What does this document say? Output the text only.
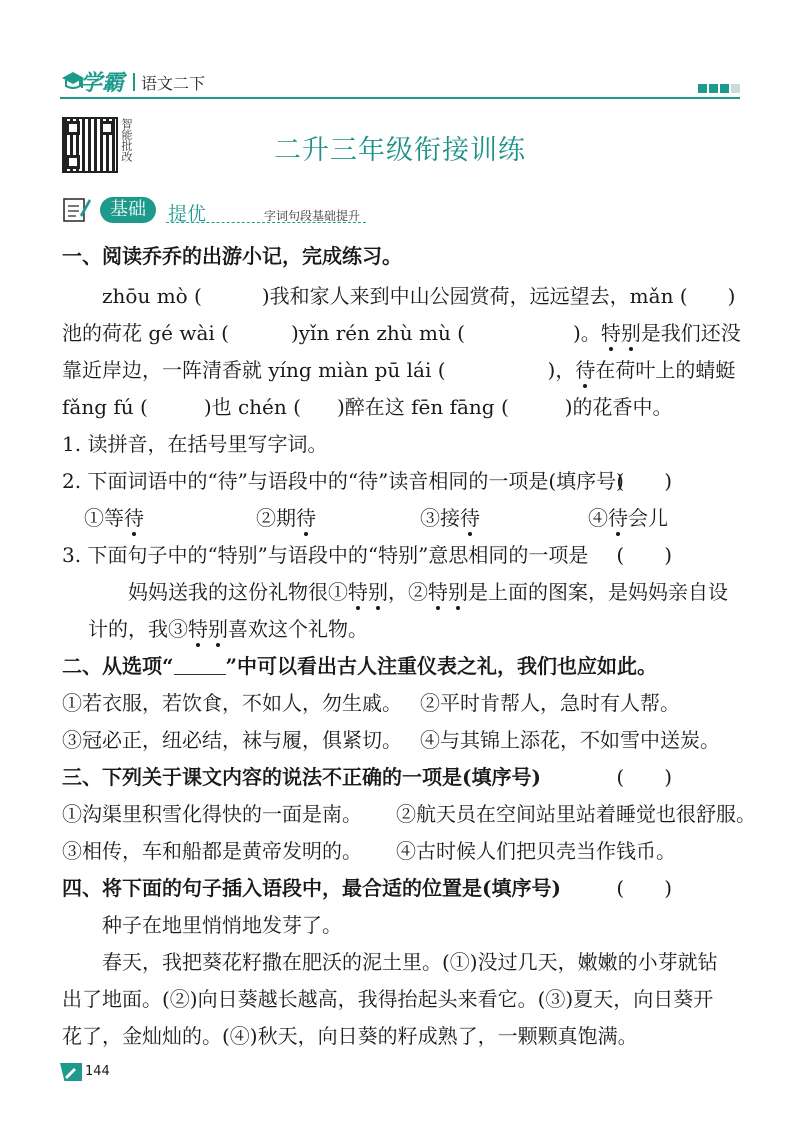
学霸 语文二下
智能批改	二升三年级衔接训练
基础	提优	字词句段基础提升
一、阅读乔乔的出游小记，完成练习。
zhōu mò (	)我和家人来到中山公园赏荷，远远望去，mǎn ( )
池的荷花 gé wài (	)yǐn rén zhù mù (	)。特别是我们还没
靠近岸边，一阵清香就 yíng miàn pū lái (	)，待在荷叶上的蜻蜓
fǎng fú (	)也 chén ( )醉在这 fēn fāng (	)的花香中。
1. 读拼音，在括号里写字词。
2. 下面词语中的“待”与语段中的“待”读音相同的一项是(填序号)
(　　)
①等待	②期待	③接待	④待会儿
3. 下面句子中的“特别”与语段中的“特别”意思相同的一项是 (　　)
妈妈送我的这份礼物很①特别，②特别是上面的图案，是妈妈亲自设
计的，我③特别喜欢这个礼物。
二、从选项“	”中可以看出古人注重仪表之礼，我们也应如此。
①若衣服，若饮食，不如人，勿生戚。 ②平时肯帮人，急时有人帮。
③冠必正，纽必结，袜与履，俱紧切。 ④与其锦上添花，不如雪中送炭。
三、下列关于课文内容的说法不正确的一项是(填序号)	(　　)
①沟渠里积雪化得快的一面是南。 ②航天员在空间站里站着睡觉也很舒服。
③相传，车和船都是黄帝发明的。 ④古时候人们把贝壳当作钱币。
四、将下面的句子插入语段中，最合适的位置是(填序号)	(　　)
种子在地里悄悄地发芽了。
春天，我把葵花籽撒在肥沃的泥土里。(①)没过几天，嫩嫩的小芽就钻
出了地面。(②)向日葵越长越高，我得抬起头来看它。(③)夏天，向日葵开
花了，金灿灿的。(④)秋天，向日葵的籽成熟了，一颗颗真饱满。
144
